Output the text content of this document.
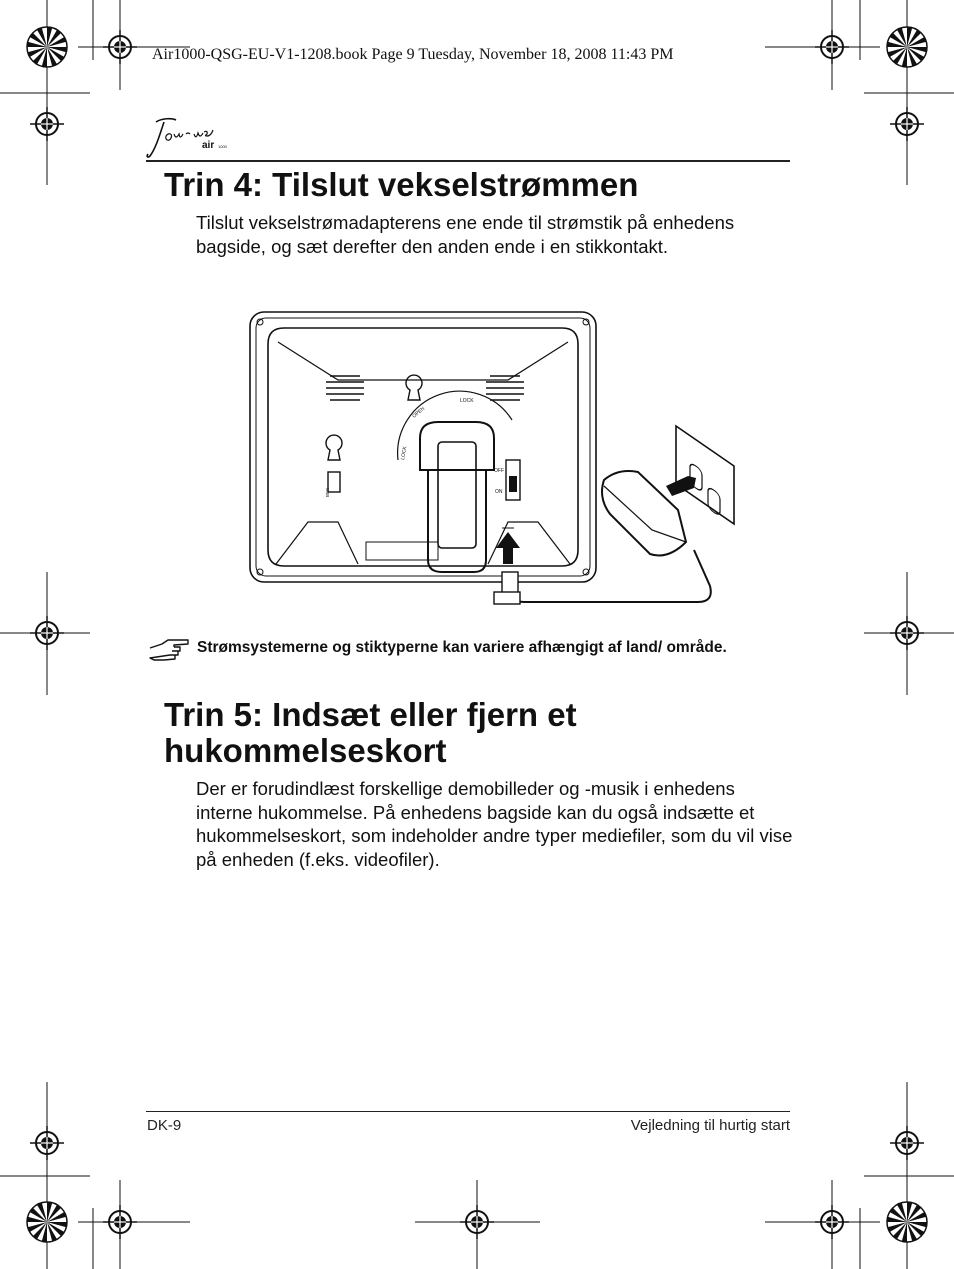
Air1000-QSG-EU-V1-1208.book Page 9 Tuesday, November 18, 2008 11:43 PM
air 1000
Trin 4: Tilslut vekselstrømmen
Tilslut vekselstrømadapterens ene ende til strømstik på enhedens bagside, og sæt derefter den anden ende i en stikkontakt.
LOCK
OPEN
LOCK
OFF
ON
USB
Strømsystemerne og stiktyperne kan variere afhængigt af land/ område.
Trin 5: Indsæt eller fjern et hukommelseskort
Der er forudindlæst forskellige demobilleder og -musik i enhedens interne hukommelse. På enhedens bagside kan du også indsætte et hukommelseskort, som indeholder andre typer mediefiler, som du vil vise på enheden (f.eks. videofiler).
DK-9	Vejledning til hurtig start
